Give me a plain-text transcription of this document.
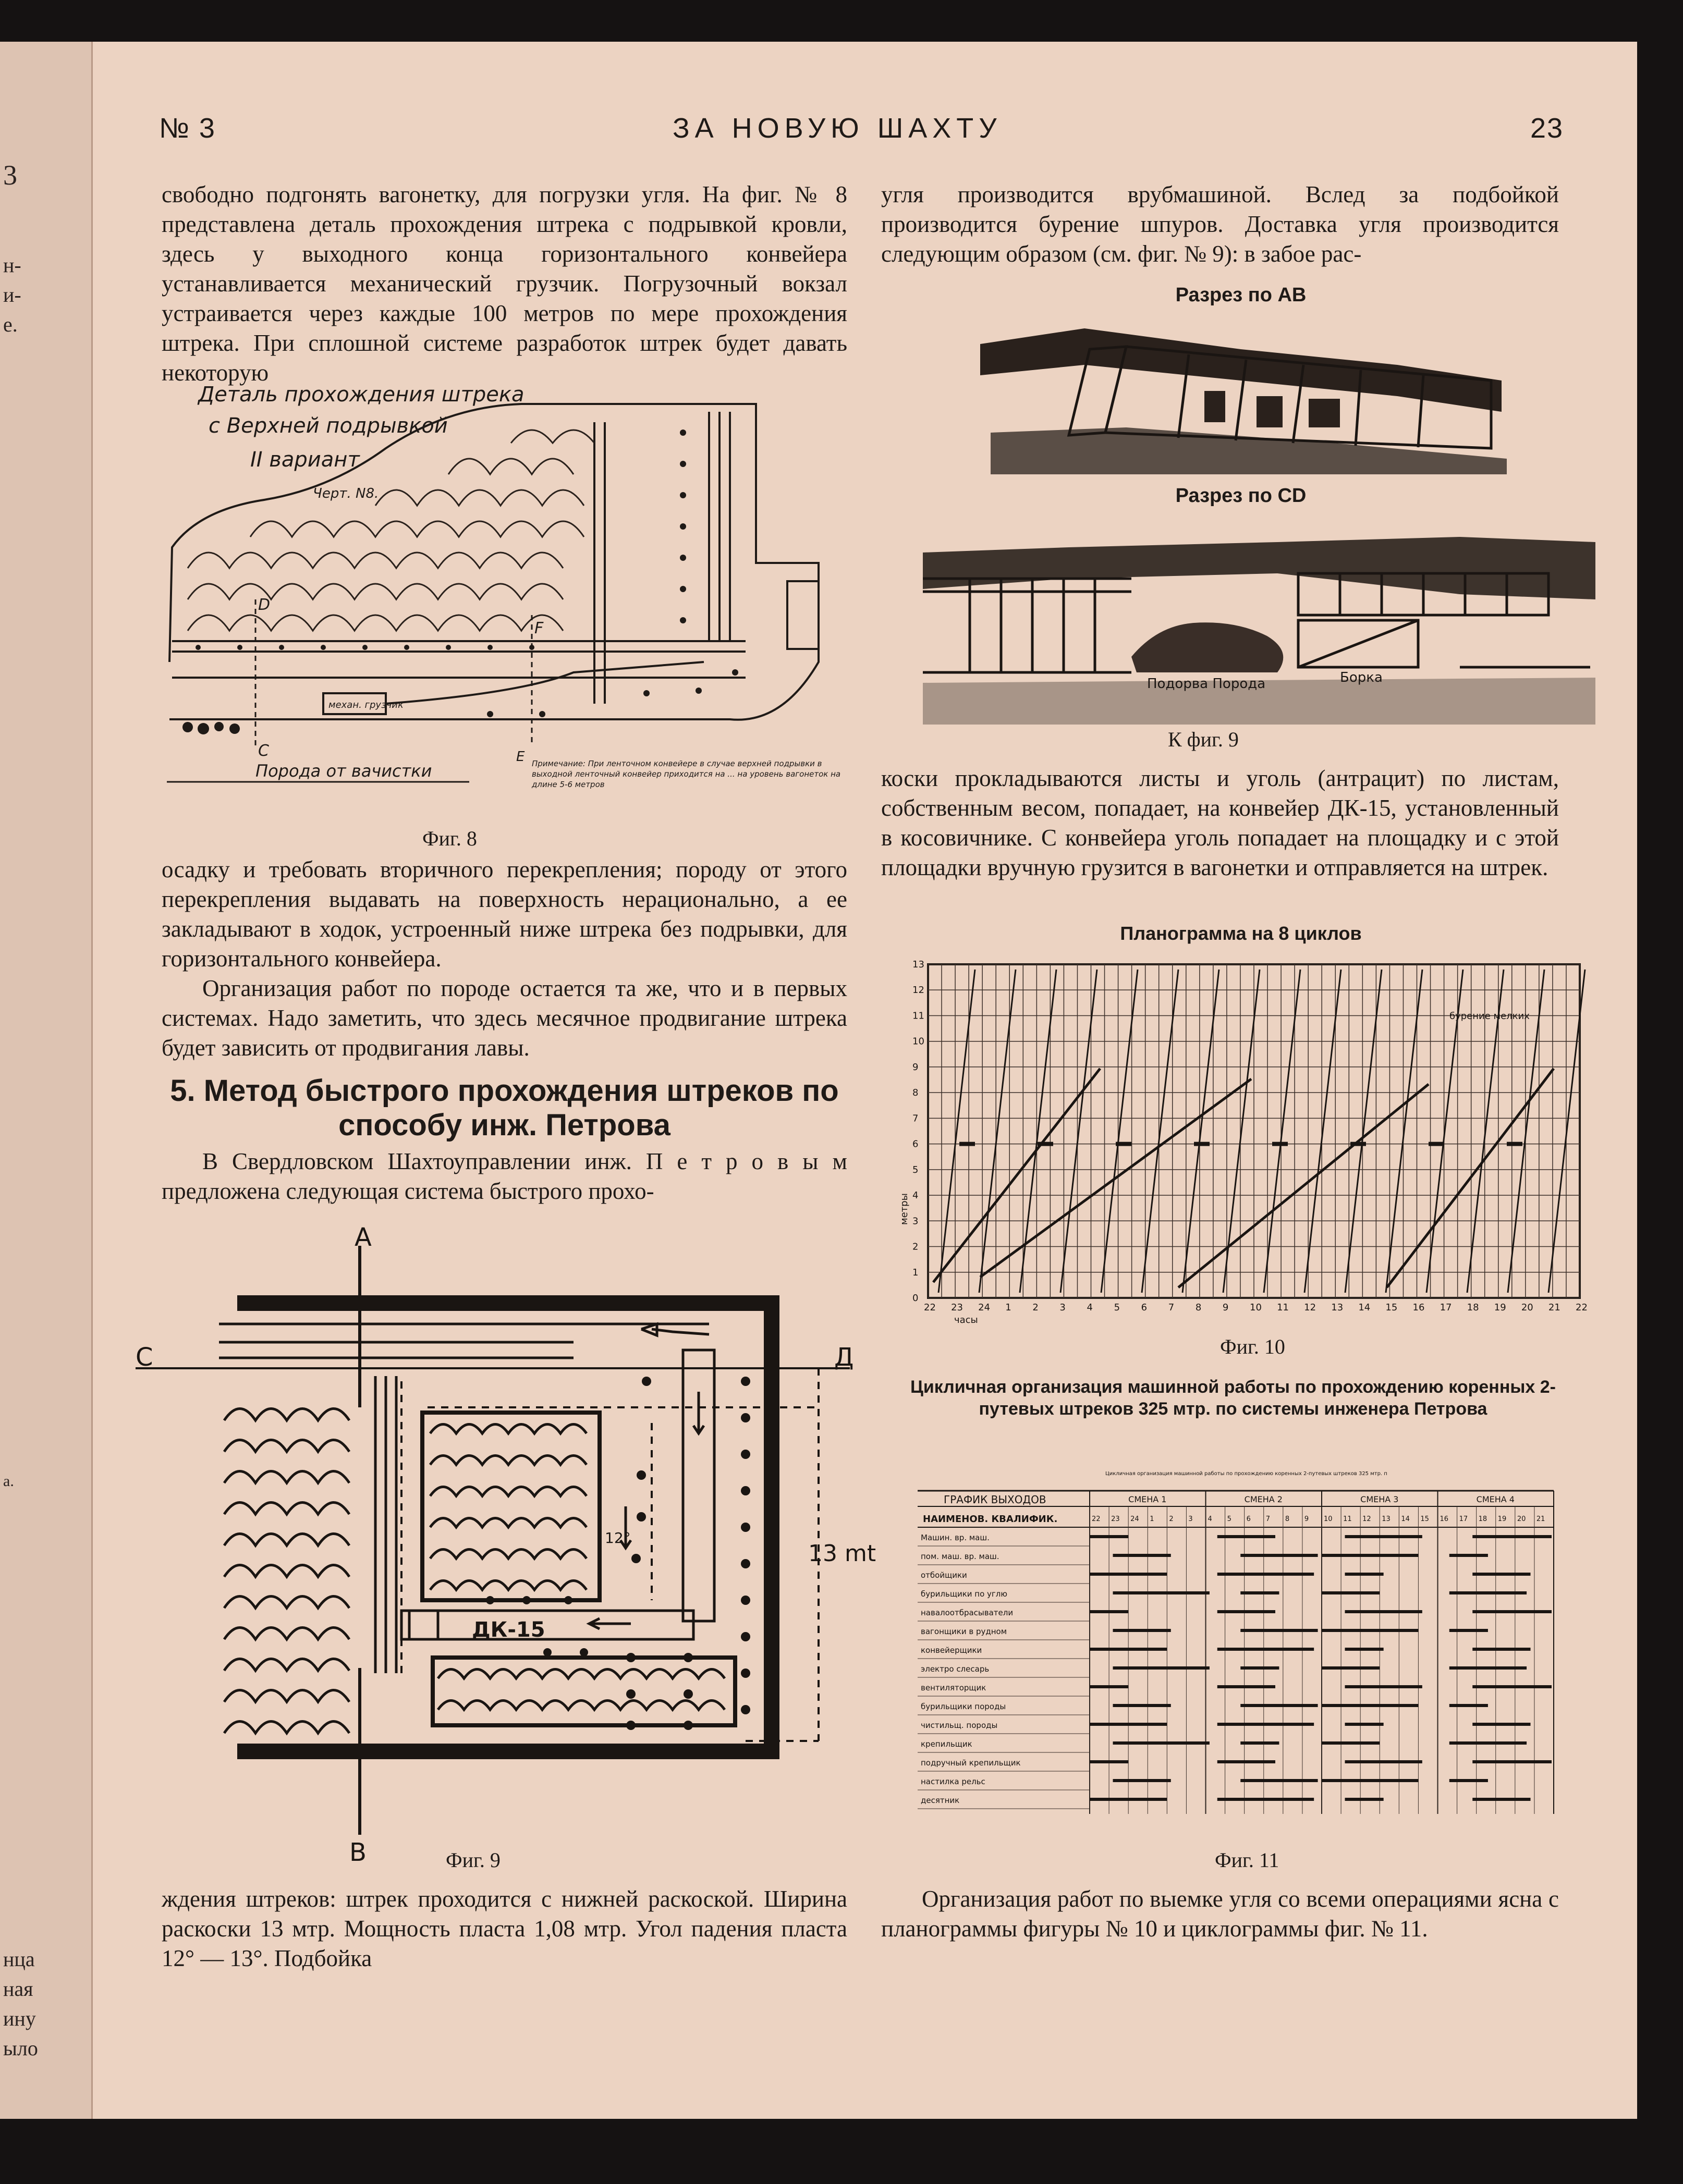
3
н-
и-
е.
а.
нца
ная
ину
ыло
№ 3	ЗА НОВУЮ ШАХТУ	23

свободно подгонять вагонетку, для погрузки угля. На фиг. № 8 представлена деталь прохождения штрека с подрывкой кровли, здесь у выходного конца горизонтального конвейера устанавливается механический грузчик. Погрузочный вокзал устраивается через каждые 100 метров по мере прохождения штрека. При сплошной системе разработок штрек будет давать некоторую

Деталь прохождения штрека
с Верхней подрывкой
II вариант
Черт. N8.
D
F
С	Е
механ. грузчик
Порода от вачистки	Примечание: При ленточном конвейере в случае верхней подрывки в выходной ленточный конвейер приходится на ... на уровень вагонеток на длине 5-6 метров
Фиг. 8

осадку и требовать вторичного перекрепления; породу от этого перекрепления выдавать на поверхность нерационально, а ее закладывают в ходок, устроенный ниже штрека без подрывки, для горизонтального конвейера.

Организация работ по породе остается та же, что и в первых системах. Надо заметить, что здесь месячное продвигание штрека будет зависить от продвигания лавы.

5. Метод быстрого прохождения штреков по способу инж. Петрова

В Свердловском Шахтоуправлении инж. П е т р о в ы м предложена следующая система быстрого прохо-

А
В
С	Д
ДК-15
12°
13 mt
Фиг. 9

ждения штреков: штрек проходится с нижней раскоской. Ширина раскоски 13 мтр. Мощность пласта 1,08 мтр. Угол падения пласта 12° — 13°. Подбойка

угля производится врубмашиной. Вслед за подбойкой производится бурение шпуров. Доставка угля производится следующим образом (см. фиг. № 9): в забое рас-

Разрез по АВ
Разрез по CD
Подорва Порода	Борка
К фиг. 9

коски прокладываются листы и уголь (антрацит) по листам, собственным весом, попадает, на конвейер ДК-15, установленный в косовичнике. С конвейера уголь попадает на площадку и с этой площадки вручную грузится в вагонетки и отправляется на штрек.

Планограмма на 8 циклов
13
12
11
10
9
8
7
6
5
4
3
2
1
0
22 23 24 1 2 3 4 5 6 7 8 9 10 11 12 13 14 15 16 17 18 19 20 21 22
метры
часы
бурение мелких
Фиг. 10
Цикличная организация машинной работы по прохождению коренных 2-путевых штреков 325 мтр. по системы инженера Петрова
Цикличная организация машинной работы по прохождению коренных 2-путевых штреков 325 мтр. п
ГРАФИК ВЫХОДОВ
НАИМЕНОВ. КВАЛИФИК.
СМЕНА 1	СМЕНА 2	СМЕНА 3	СМЕНА 4
22 23 24 1 2 3 4 5 6 7 8 9 10 11 12 13 14 15 16 17 18 19 20 21
Машин. вр. маш.
пом. маш. вр. маш.
отбойщики
бурильщики по углю
навалоотбрасыватели
вагонщики в рудном
конвейерщики
электро слесарь
вентиляторщик
бурильщики породы
чистильщ. породы
крепильщик
подручный крепильщик
настилка рельс
десятник
Фиг. 11

Организация работ по выемке угля со всеми операциями ясна с планограммы фигуры № 10 и циклограммы фиг. № 11.
